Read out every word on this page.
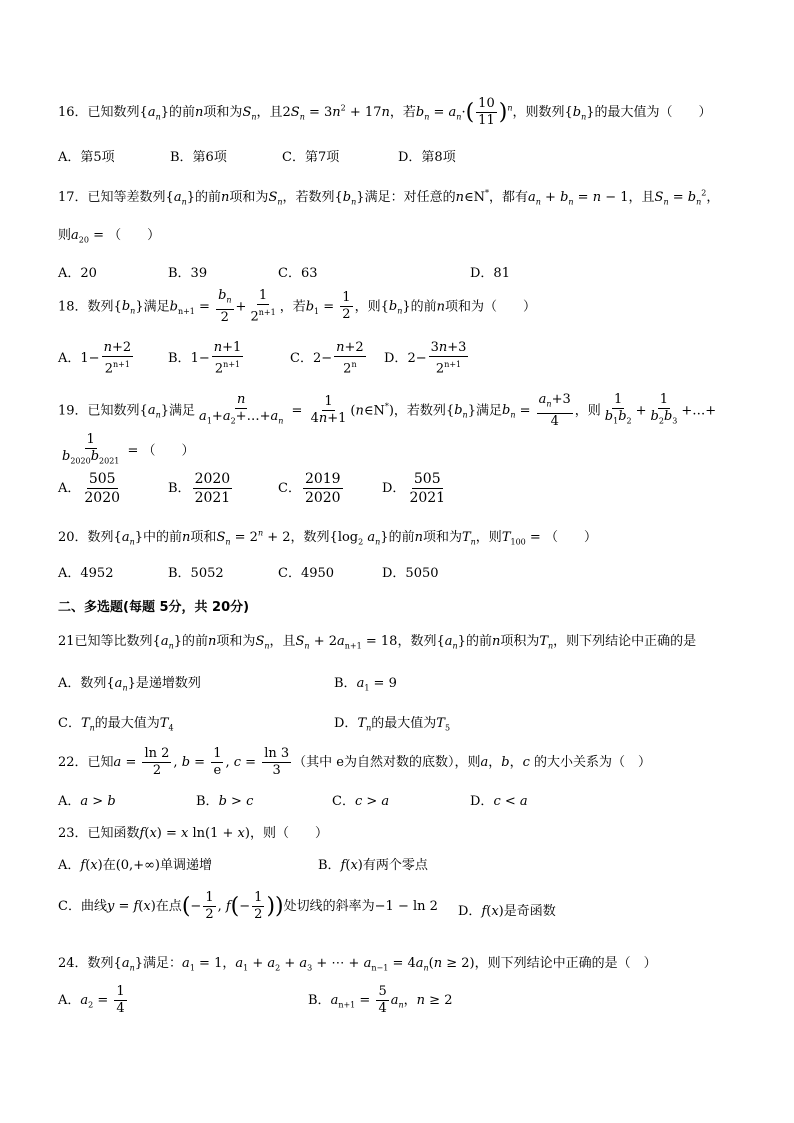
16．已知数列$\{a_n\}$的前n项和为$S_n$，且$2S_n = 3n^2 + 17n$，若$b_n = a_n\cdot( \frac{10}{11} )^n$，则数列$\{b_n\}$的最大值为（　　）
A．第5项	B．第6项	C．第7项	D．第8项
17．已知等差数列$\{a_n\}$的前n项和为$S_n$，若数列$\{b_n\}$满足：对任意的n∈N*，都有$a_n + b_n = n - 1$，且$S_n = b_n^2$，
则$a_{20}$ = （　　）
A．20	B．39	C．63	D．81
18．数列$\{b_n\}$满足$b_{n+1} = \frac{b_n}{2} + \frac{1}{2^{n+1}}$ ，若$b_1 = \frac{1}{2}$ ，则$\{b_n\}$的前n项和为（　　）
A．$1- \frac{n+2}{2^{n+1}}$	B．$1- \frac{n+1}{2^{n+1}}$	C．$2- \frac{n+2}{2^n}$ D．$2- \frac{3n+3}{2^{n+1}}$
19．已知数列$\{a_n\}$满足 $\frac{n}{a_1+a_2+\dots+a_n} = \frac{1}{4n+1}$ (n∈N*)，若数列$\{b_n\}$满足$b_n = \frac{a_n+3}{4}$ ，则 $\frac{1}{b_1b_2} + \frac{1}{b_2b_3}$ +…+
$\frac{1}{b_{2020}b_{2021}}$ = （　　）
A． $\frac{505}{2020}$	B． $\frac{2020}{2021}$	C． $\frac{2019}{2020}$	D． $\frac{505}{2021}$
20．数列$\{a_n\}$中的前n项和$S_n = 2^n + 2$，数列{$\log_2$ $a_n$}的前n项和为$T_n$，则$T_{100}$ = （　　）
A．4952	B．5052	C．4950	D．5050
二、多选题(每题 5分，共 20分)
21已知等比数列$\{a_n\}$的前n项和为$S_n$，且$S_n + 2a_{n+1} = 18$，数列$\{a_n\}$的前n项积为$T_n$，则下列结论中正确的是
A．数列$\{a_n\}$是递增数列	B．$a_1 = 9$
C．$T_n$的最大值为$T_4$	D．$T_n$的最大值为$T_5$
22．已知$a = \frac{\ln 2}{2}$ , $b = \frac{1}{e}$ , $c = \frac{\ln 3}{3}$ （其中 e为自然对数的底数），则a，b，c 的大小关系为（　）
A．a > b	B．b > c	C．c > a	D．c < a
23．已知函数f(x) = x ln(1 + x)，则（　　）
A．f(x)在(0,+∞)单调递增	B．f(x)有两个零点
C．曲线y = f(x)在点(− $\frac{1}{2}$ , $f(- \frac{1}{2}$ ))处切线的斜率为−1 − ln 2 D．f(x)是奇函数
24．数列$\{a_n\}$满足：$a_1 = 1$，$a_1 + a_2 + a_3$ + ⋯ + $a_{n-1} = 4a_n(n \ge 2)$，则下列结论中正确的是（　）
A．$a_2 = \frac{1}{4}$	B．$a_{n+1} = \frac{5}{4} a_n$，n ≥ 2
